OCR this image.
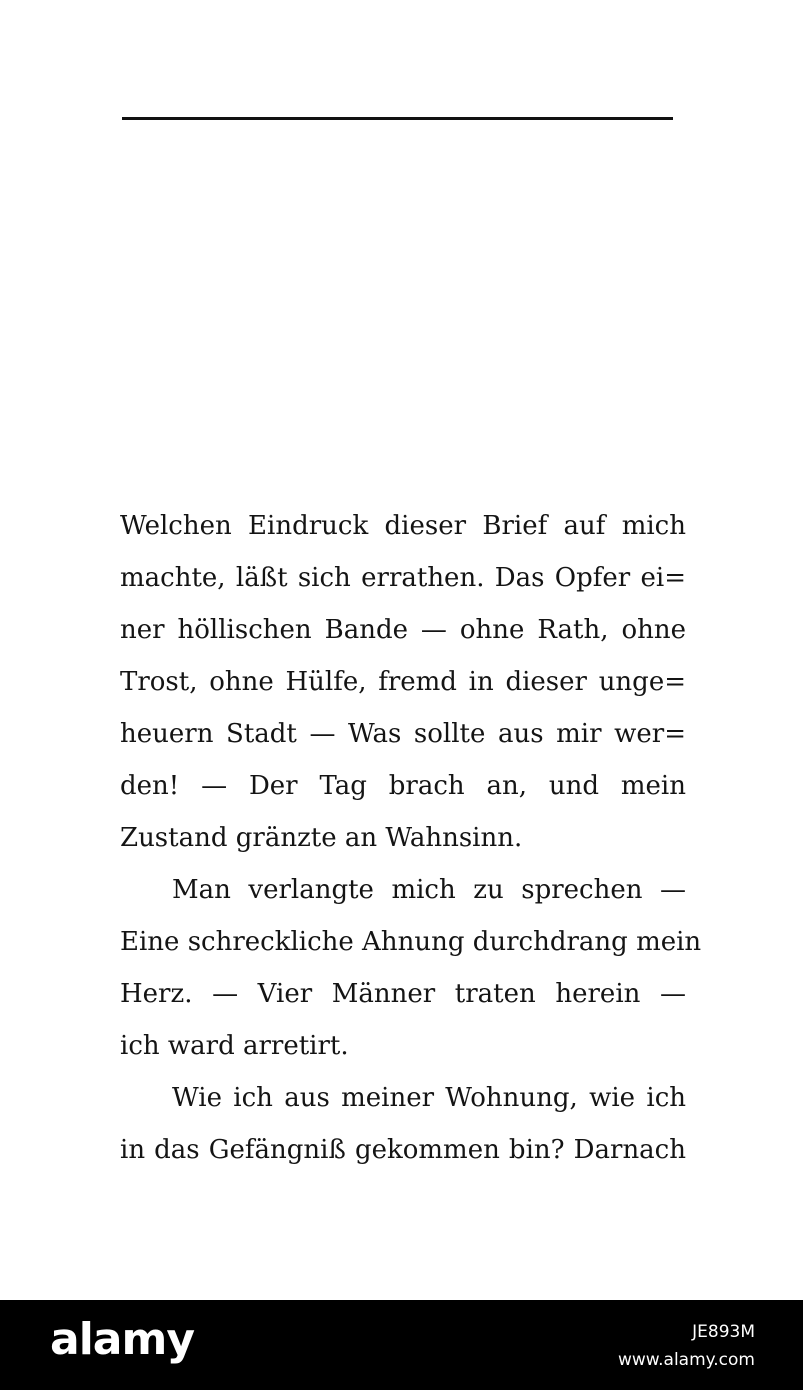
Welchen Eindruck dieser Brief auf mich
machte, läßt sich errathen. Das Opfer ei=
ner höllischen Bande — ohne Rath, ohne
Trost, ohne Hülfe, fremd in dieser unge=
heuern Stadt — Was sollte aus mir wer=
den! — Der Tag brach an, und mein
Zustand gränzte an Wahnsinn.
Man verlangte mich zu sprechen —
Eine schreckliche Ahnung durchdrang mein
Herz. — Vier Männer traten herein —
ich ward arretirt.
Wie ich aus meiner Wohnung, wie ich
in das Gefängniß gekommen bin? Darnach
alamy	JE893M
www.alamy.com
